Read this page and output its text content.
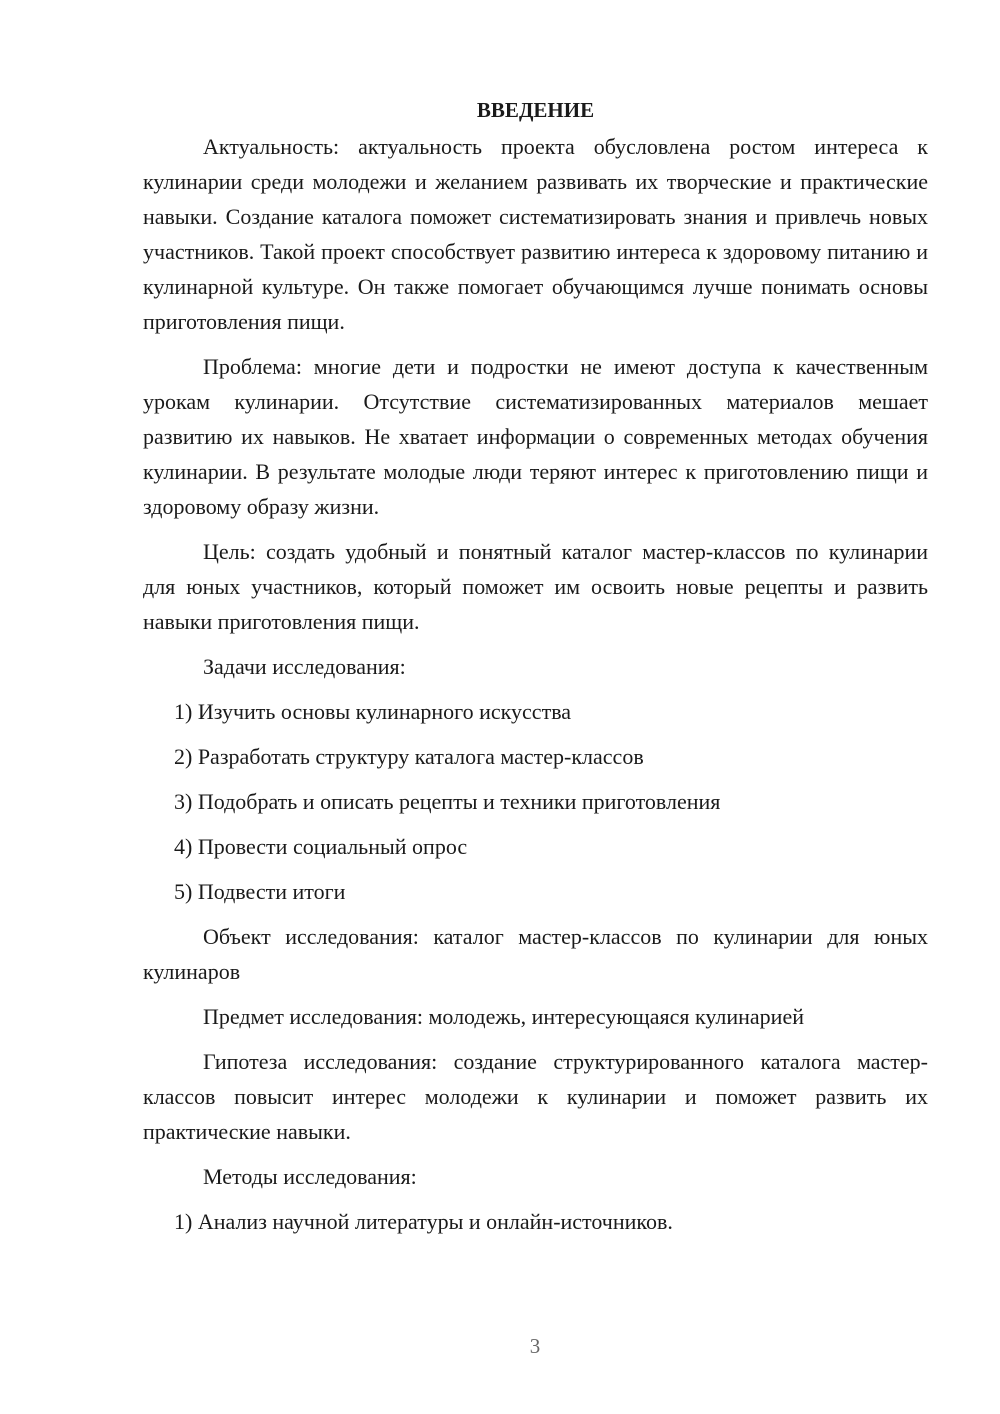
ВВЕДЕНИЕ

Актуальность: актуальность проекта обусловлена ростом интереса к кулинарии среди молодежи и желанием развивать их творческие и практические навыки. Создание каталога поможет систематизировать знания и привлечь новых участников. Такой проект способствует развитию интереса к здоровому питанию и кулинарной культуре. Он также помогает обучающимся лучше понимать основы приготовления пищи.

Проблема: многие дети и подростки не имеют доступа к качественным урокам кулинарии. Отсутствие систематизированных материалов мешает развитию их навыков. Не хватает информации о современных методах обучения кулинарии. В результате молодые люди теряют интерес к приготовлению пищи и здоровому образу жизни.

Цель: создать удобный и понятный каталог мастер-классов по кулинарии для юных участников, который поможет им освоить новые рецепты и развить навыки приготовления пищи.

Задачи исследования:

1) Изучить основы кулинарного искусства

2) Разработать структуру каталога мастер-классов

3) Подобрать и описать рецепты и техники приготовления

4) Провести социальный опрос

5) Подвести итоги

Объект исследования: каталог мастер-классов по кулинарии для юных кулинаров

Предмет исследования: молодежь, интересующаяся кулинарией

Гипотеза исследования: создание структурированного каталога мастер-классов повысит интерес молодежи к кулинарии и поможет развить их практические навыки.

Методы исследования:

1) Анализ научной литературы и онлайн-источников.

3
